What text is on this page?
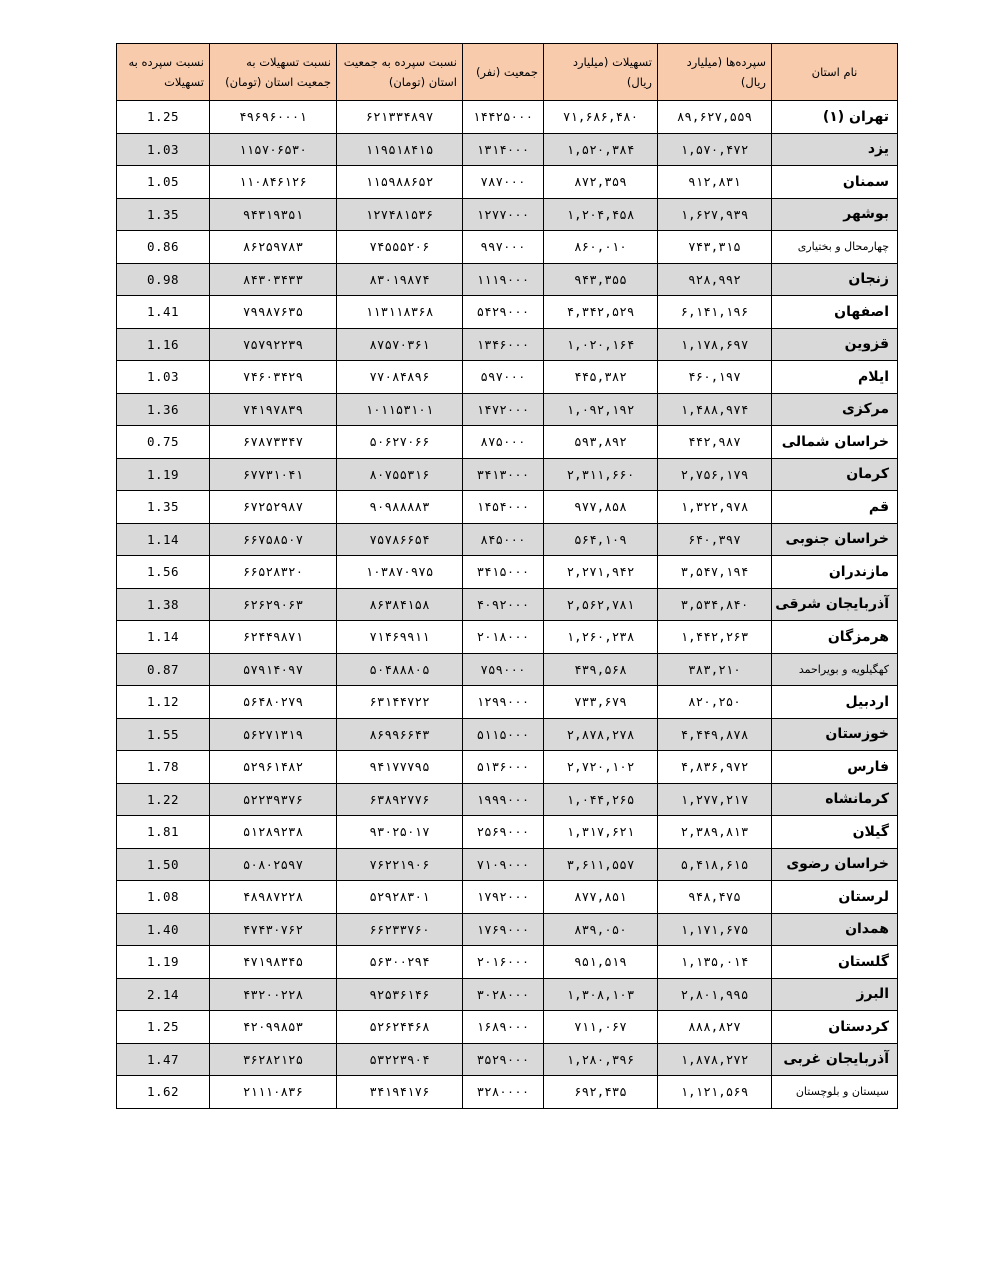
نام استان	سپرده‌ها (میلیارد ریال)	تسهیلات (میلیارد ریال)	جمعیت (نفر)	نسبت سپرده به جمعیت استان (تومان)	نسبت تسهیلات به جمعیت استان (تومان)	نسبت سپرده به تسهیلات
تهران (۱)	۸۹,۶۲۷,۵۵۹	۷۱,۶۸۶,۴۸۰	۱۴۴۲۵۰۰۰	۶۲۱۳۳۴۸۹۷	۴۹۶۹۶۰۰۰۱	1.25
یزد	۱,۵۷۰,۴۷۲	۱,۵۲۰,۳۸۴	۱۳۱۴۰۰۰	۱۱۹۵۱۸۴۱۵	۱۱۵۷۰۶۵۳۰	1.03
سمنان	۹۱۲,۸۳۱	۸۷۲,۳۵۹	۷۸۷۰۰۰	۱۱۵۹۸۸۶۵۲	۱۱۰۸۴۶۱۲۶	1.05
بوشهر	۱,۶۲۷,۹۳۹	۱,۲۰۴,۴۵۸	۱۲۷۷۰۰۰	۱۲۷۴۸۱۵۳۶	۹۴۳۱۹۳۵۱	1.35
چهارمحال و بختیاری	۷۴۳,۳۱۵	۸۶۰,۰۱۰	۹۹۷۰۰۰	۷۴۵۵۵۲۰۶	۸۶۲۵۹۷۸۳	0.86
زنجان	۹۲۸,۹۹۲	۹۴۳,۳۵۵	۱۱۱۹۰۰۰	۸۳۰۱۹۸۷۴	۸۴۳۰۳۴۳۳	0.98
اصفهان	۶,۱۴۱,۱۹۶	۴,۳۴۲,۵۲۹	۵۴۲۹۰۰۰	۱۱۳۱۱۸۳۶۸	۷۹۹۸۷۶۳۵	1.41
قزوین	۱,۱۷۸,۶۹۷	۱,۰۲۰,۱۶۴	۱۳۴۶۰۰۰	۸۷۵۷۰۳۶۱	۷۵۷۹۲۲۳۹	1.16
ایلام	۴۶۰,۱۹۷	۴۴۵,۳۸۲	۵۹۷۰۰۰	۷۷۰۸۴۸۹۶	۷۴۶۰۳۴۲۹	1.03
مرکزی	۱,۴۸۸,۹۷۴	۱,۰۹۲,۱۹۲	۱۴۷۲۰۰۰	۱۰۱۱۵۳۱۰۱	۷۴۱۹۷۸۳۹	1.36
خراسان شمالی	۴۴۲,۹۸۷	۵۹۳,۸۹۲	۸۷۵۰۰۰	۵۰۶۲۷۰۶۶	۶۷۸۷۳۳۴۷	0.75
کرمان	۲,۷۵۶,۱۷۹	۲,۳۱۱,۶۶۰	۳۴۱۳۰۰۰	۸۰۷۵۵۳۱۶	۶۷۷۳۱۰۴۱	1.19
قم	۱,۳۲۲,۹۷۸	۹۷۷,۸۵۸	۱۴۵۴۰۰۰	۹۰۹۸۸۸۸۳	۶۷۲۵۲۹۸۷	1.35
خراسان جنوبی	۶۴۰,۳۹۷	۵۶۴,۱۰۹	۸۴۵۰۰۰	۷۵۷۸۶۶۵۴	۶۶۷۵۸۵۰۷	1.14
مازندران	۳,۵۴۷,۱۹۴	۲,۲۷۱,۹۴۲	۳۴۱۵۰۰۰	۱۰۳۸۷۰۹۷۵	۶۶۵۲۸۳۲۰	1.56
آذربایجان شرقی	۳,۵۳۴,۸۴۰	۲,۵۶۲,۷۸۱	۴۰۹۲۰۰۰	۸۶۳۸۴۱۵۸	۶۲۶۲۹۰۶۳	1.38
هرمزگان	۱,۴۴۲,۲۶۳	۱,۲۶۰,۲۳۸	۲۰۱۸۰۰۰	۷۱۴۶۹۹۱۱	۶۲۴۴۹۸۷۱	1.14
کهگیلویه و بویراحمد	۳۸۳,۲۱۰	۴۳۹,۵۶۸	۷۵۹۰۰۰	۵۰۴۸۸۸۰۵	۵۷۹۱۴۰۹۷	0.87
اردبیل	۸۲۰,۲۵۰	۷۳۳,۶۷۹	۱۲۹۹۰۰۰	۶۳۱۴۴۷۲۲	۵۶۴۸۰۲۷۹	1.12
خوزستان	۴,۴۴۹,۸۷۸	۲,۸۷۸,۲۷۸	۵۱۱۵۰۰۰	۸۶۹۹۶۶۴۳	۵۶۲۷۱۳۱۹	1.55
فارس	۴,۸۳۶,۹۷۲	۲,۷۲۰,۱۰۲	۵۱۳۶۰۰۰	۹۴۱۷۷۷۹۵	۵۲۹۶۱۴۸۲	1.78
کرمانشاه	۱,۲۷۷,۲۱۷	۱,۰۴۴,۲۶۵	۱۹۹۹۰۰۰	۶۳۸۹۲۷۷۶	۵۲۲۳۹۳۷۶	1.22
گیلان	۲,۳۸۹,۸۱۳	۱,۳۱۷,۶۲۱	۲۵۶۹۰۰۰	۹۳۰۲۵۰۱۷	۵۱۲۸۹۲۳۸	1.81
خراسان رضوی	۵,۴۱۸,۶۱۵	۳,۶۱۱,۵۵۷	۷۱۰۹۰۰۰	۷۶۲۲۱۹۰۶	۵۰۸۰۲۵۹۷	1.50
لرستان	۹۴۸,۴۷۵	۸۷۷,۸۵۱	۱۷۹۲۰۰۰	۵۲۹۲۸۳۰۱	۴۸۹۸۷۲۲۸	1.08
همدان	۱,۱۷۱,۶۷۵	۸۳۹,۰۵۰	۱۷۶۹۰۰۰	۶۶۲۳۳۷۶۰	۴۷۴۳۰۷۶۲	1.40
گلستان	۱,۱۳۵,۰۱۴	۹۵۱,۵۱۹	۲۰۱۶۰۰۰	۵۶۳۰۰۲۹۴	۴۷۱۹۸۳۴۵	1.19
البرز	۲,۸۰۱,۹۹۵	۱,۳۰۸,۱۰۳	۳۰۲۸۰۰۰	۹۲۵۳۶۱۴۶	۴۳۲۰۰۲۲۸	2.14
کردستان	۸۸۸,۸۲۷	۷۱۱,۰۶۷	۱۶۸۹۰۰۰	۵۲۶۲۴۴۶۸	۴۲۰۹۹۸۵۳	1.25
آذربایجان غربی	۱,۸۷۸,۲۷۲	۱,۲۸۰,۳۹۶	۳۵۲۹۰۰۰	۵۳۲۲۳۹۰۴	۳۶۲۸۲۱۲۵	1.47
سیستان و بلوچستان	۱,۱۲۱,۵۶۹	۶۹۲,۴۳۵	۳۲۸۰۰۰۰	۳۴۱۹۴۱۷۶	۲۱۱۱۰۸۳۶	1.62
